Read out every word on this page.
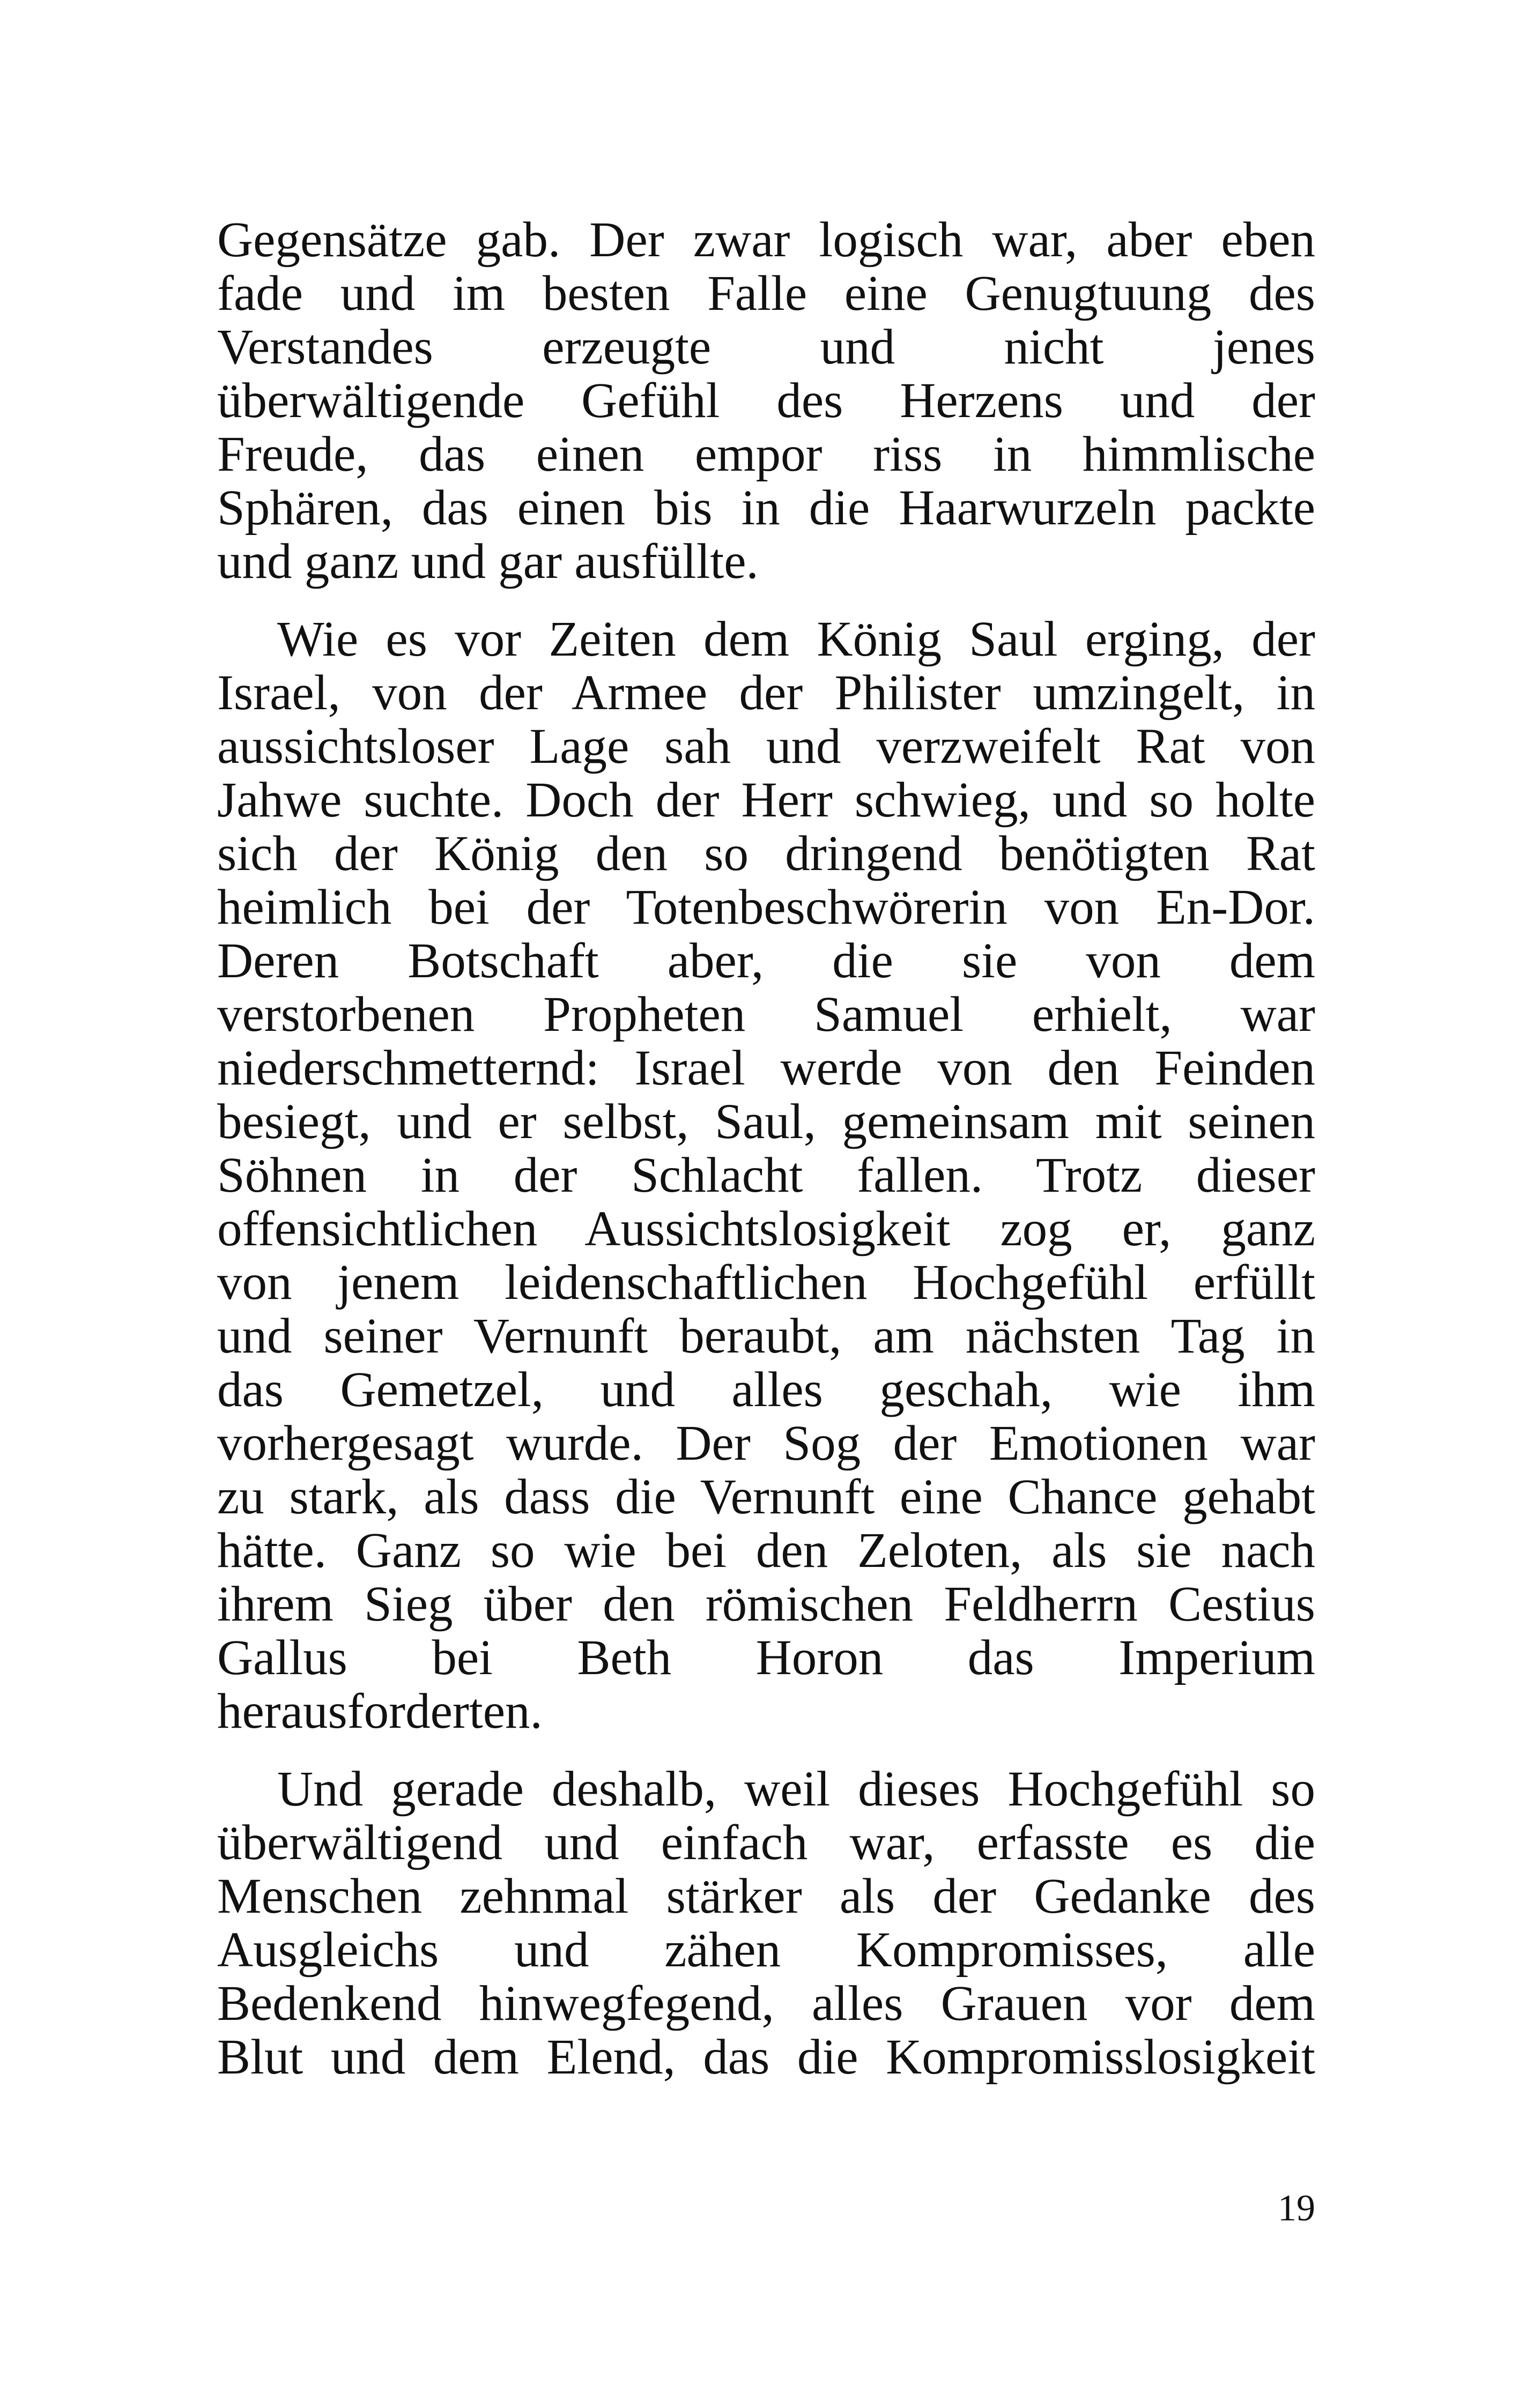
Gegensätze gab. Der zwar logisch war, aber eben
fade und im besten Falle eine Genugtuung des
Verstandes erzeugte und nicht jenes
überwältigende Gefühl des Herzens und der
Freude, das einen empor riss in himmlische
Sphären, das einen bis in die Haarwurzeln packte
und ganz und gar ausfüllte.
Wie es vor Zeiten dem König Saul erging, der
Israel, von der Armee der Philister umzingelt, in
aussichtsloser Lage sah und verzweifelt Rat von
Jahwe suchte. Doch der Herr schwieg, und so holte
sich der König den so dringend benötigten Rat
heimlich bei der Totenbeschwörerin von En-Dor.
Deren Botschaft aber, die sie von dem
verstorbenen Propheten Samuel erhielt, war
niederschmetternd: Israel werde von den Feinden
besiegt, und er selbst, Saul, gemeinsam mit seinen
Söhnen in der Schlacht fallen. Trotz dieser
offensichtlichen Aussichtslosigkeit zog er, ganz
von jenem leidenschaftlichen Hochgefühl erfüllt
und seiner Vernunft beraubt, am nächsten Tag in
das Gemetzel, und alles geschah, wie ihm
vorhergesagt wurde. Der Sog der Emotionen war
zu stark, als dass die Vernunft eine Chance gehabt
hätte. Ganz so wie bei den Zeloten, als sie nach
ihrem Sieg über den römischen Feldherrn Cestius
Gallus bei Beth Horon das Imperium
herausforderten.
Und gerade deshalb, weil dieses Hochgefühl so
überwältigend und einfach war, erfasste es die
Menschen zehnmal stärker als der Gedanke des
Ausgleichs und zähen Kompromisses, alle
Bedenkend hinwegfegend, alles Grauen vor dem
Blut und dem Elend, das die Kompromisslosigkeit
19
